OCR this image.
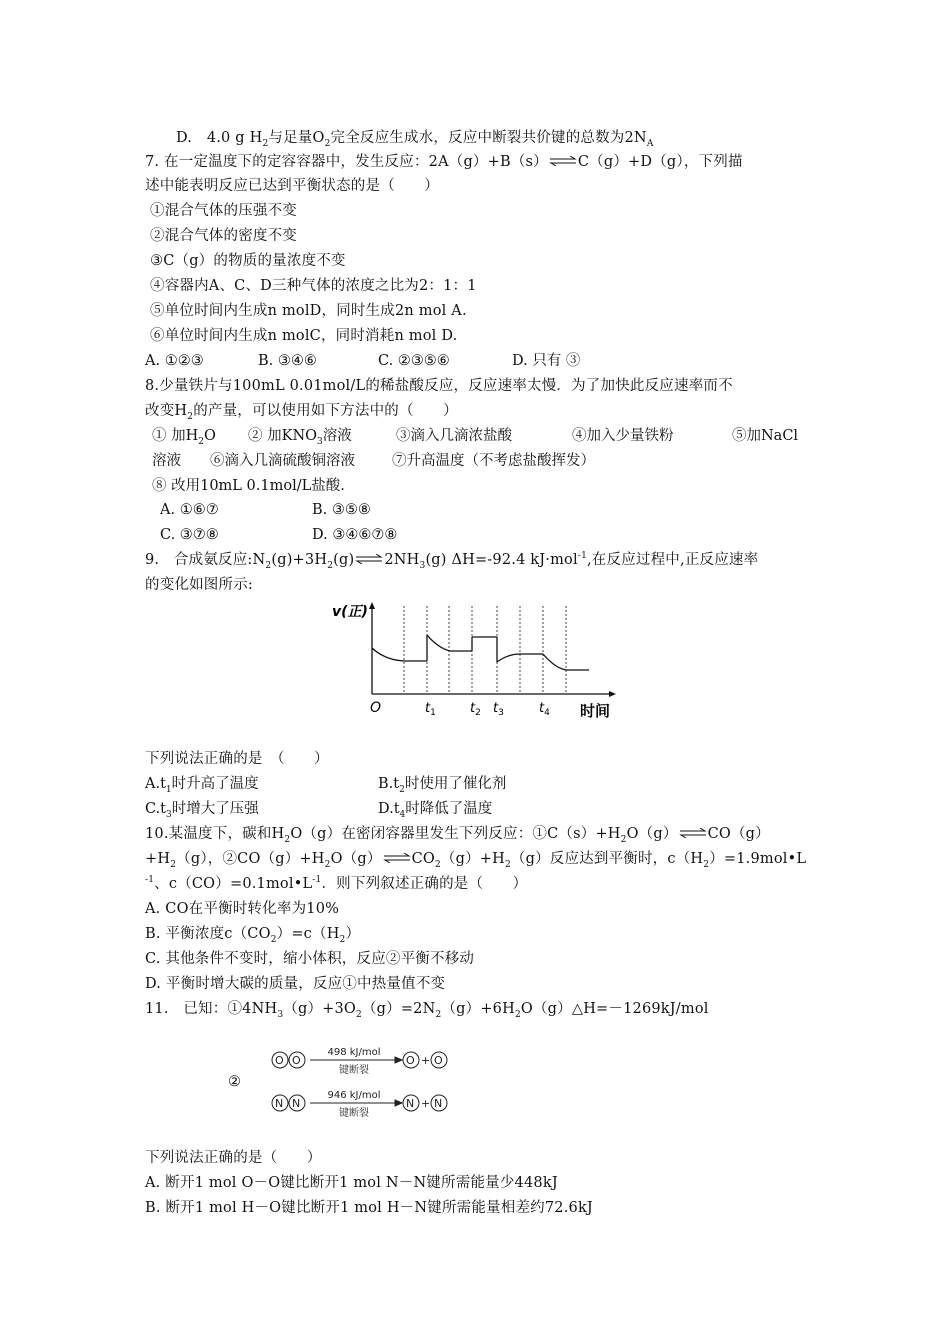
D.　4.0 g $H_2$与足量$O_2$完全反应生成水，反应中断裂共价键的总数为$2N_A$
7. 在一定温度下的定容容器中，发生反应：2A（g）+B（s）⇌C（g）+D（g），下列描
述中能表明反应已达到平衡状态的是（　　）
①混合气体的压强不变
②混合气体的密度不变
③C（g）的物质的量浓度不变
④容器内A、C、D三种气体的浓度之比为2：1：1
⑤单位时间内生成n molD，同时生成2n mol A.
⑥单位时间内生成n molC，同时消耗n mol D.
A. ①②③	B. ③④⑥	C. ②③⑤⑥	D. 只有 ③
8.少量铁片与100mL 0.01mol/L的稀盐酸反应，反应速率太慢．为了加快此反应速率而不
改变$H_2$的产量，可以使用如下方法中的（　　）
① 加$H_2O$ ② 加$KNO_3$溶液	③滴入几滴浓盐酸	④加入少量铁粉	⑤加NaCl
溶液 ⑥滴入几滴硫酸铜溶液	⑦升高温度（不考虑盐酸挥发）
⑧ 改用10mL 0.1mol/L盐酸.
A. ①⑥⑦	B. ③⑤⑧
C. ③⑦⑧	D. ③④⑥⑦⑧
9.　合成氨反应$:N_2(g)+3H_2(g)\rightleftharpoons 2NH_3(g)$ ΔH=-92.4 kJ·mol$^{-1}$,在反应过程中,正反应速率
的变化如图所示:
v(正)
O	$t_1$	$t_2$ $t_3$	$t_4$ 时间
下列说法正确的是　（　　）
$A.t_1$时升高了温度	$B.t_2$时使用了催化剂
$C.t_3$时增大了压强	$D.t_4$时降低了温度
10.某温度下，碳和$H_2O(g)$在密闭容器里发生下列反应：$①C(s)+H_2O(g)\rightleftharpoons CO(g)$
$+H_2(g)$，$②CO(g)+H_2O(g)\rightleftharpoons CO_2(g)+H_2(g)$反应达到平衡时，$c(H_2)=1.9mol•L$
$^{-1}$、$c(CO)=0.1mol•L^{-1}$．则下列叙述正确的是（　　）
A. CO在平衡时转化率为10%
B. 平衡浓度$c(CO_2)=c(H_2)$
C. 其他条件不变时，缩小体积，反应②平衡不移动
D. 平衡时增大碳的质量，反应①中热量值不变
11.　已知：$①4NH_3(g)+3O_2(g)=2N_2(g)+6H_2O(g)\triangle H=-1269kJ$/mol
②
O O	O + O
N N	N + N
498 kJ/mol
键断裂
946 kJ/mol
键断裂
下列说法正确的是（　　）
A. 断开1 mol O－O键比断开1 mol N－N键所需能量少448kJ
B. 断开1 mol H－O键比断开1 mol H－N键所需能量相差约72.6kJ
